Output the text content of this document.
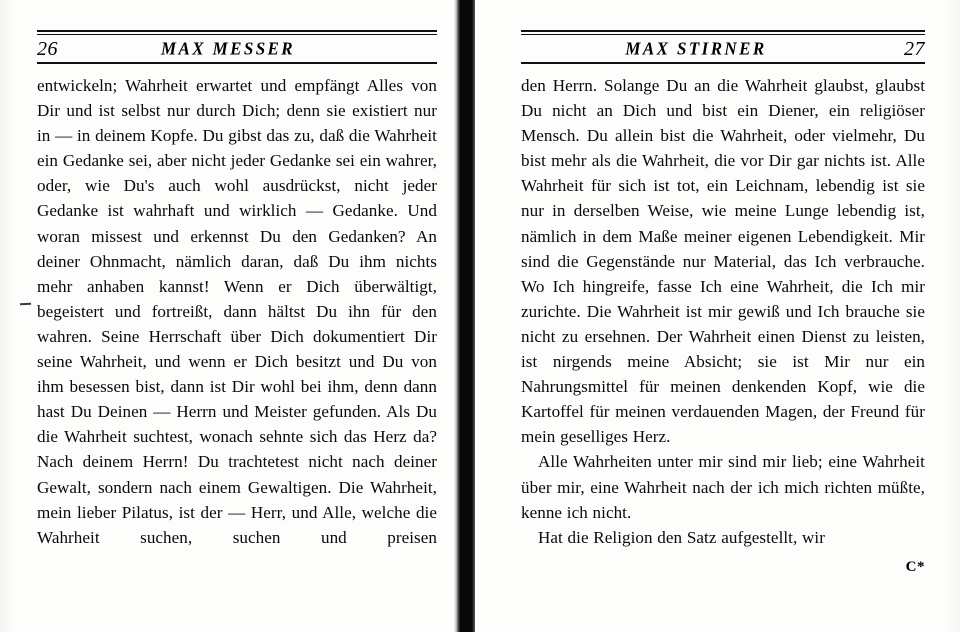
26	MAX MESSER

entwickeln; Wahrheit erwartet und empfängt Alles von Dir und ist selbst nur durch Dich; denn sie existiert nur in — in deinem Kopfe. Du gibst das zu, daß die Wahrheit ein Gedanke sei, aber nicht jeder Gedanke sei ein wahrer, oder, wie Du's auch wohl ausdrückst, nicht jeder Gedanke ist wahrhaft und wirklich — Gedanke. Und woran missest und erkennst Du den Gedanken? An deiner Ohnmacht, nämlich daran, daß Du ihm nichts mehr anhaben kannst! Wenn er Dich überwältigt, begeistert und fortreißt, dann hältst Du ihn für den wahren. Seine Herrschaft über Dich dokumentiert Dir seine Wahrheit, und wenn er Dich besitzt und Du von ihm besessen bist, dann ist Dir wohl bei ihm, denn dann hast Du Deinen — Herrn und Meister gefunden. Als Du die Wahrheit suchtest, wonach sehnte sich das Herz da? Nach deinem Herrn! Du trachtetest nicht nach deiner Gewalt, sondern nach einem Gewaltigen. Die Wahrheit, mein lieber Pilatus, ist der — Herr, und Alle, welche die Wahrheit suchen, suchen und preisen

MAX STIRNER	27

den Herrn. Solange Du an die Wahrheit glaubst, glaubst Du nicht an Dich und bist ein Diener, ein religiöser Mensch. Du allein bist die Wahrheit, oder vielmehr, Du bist mehr als die Wahrheit, die vor Dir gar nichts ist. Alle Wahrheit für sich ist tot, ein Leichnam, lebendig ist sie nur in derselben Weise, wie meine Lunge lebendig ist, nämlich in dem Maße meiner eigenen Lebendigkeit. Mir sind die Gegenstände nur Material, das Ich verbrauche. Wo Ich hingreife, fasse Ich eine Wahrheit, die Ich mir zurichte. Die Wahrheit ist mir gewiß und Ich brauche sie nicht zu ersehnen. Der Wahrheit einen Dienst zu leisten, ist nirgends meine Absicht; sie ist Mir nur ein Nahrungsmittel für meinen denkenden Kopf, wie die Kartoffel für meinen verdauenden Magen, der Freund für mein geselliges Herz.

Alle Wahrheiten unter mir sind mir lieb; eine Wahrheit über mir, eine Wahrheit nach der ich mich richten müßte, kenne ich nicht.

Hat die Religion den Satz aufgestellt, wir

C*
